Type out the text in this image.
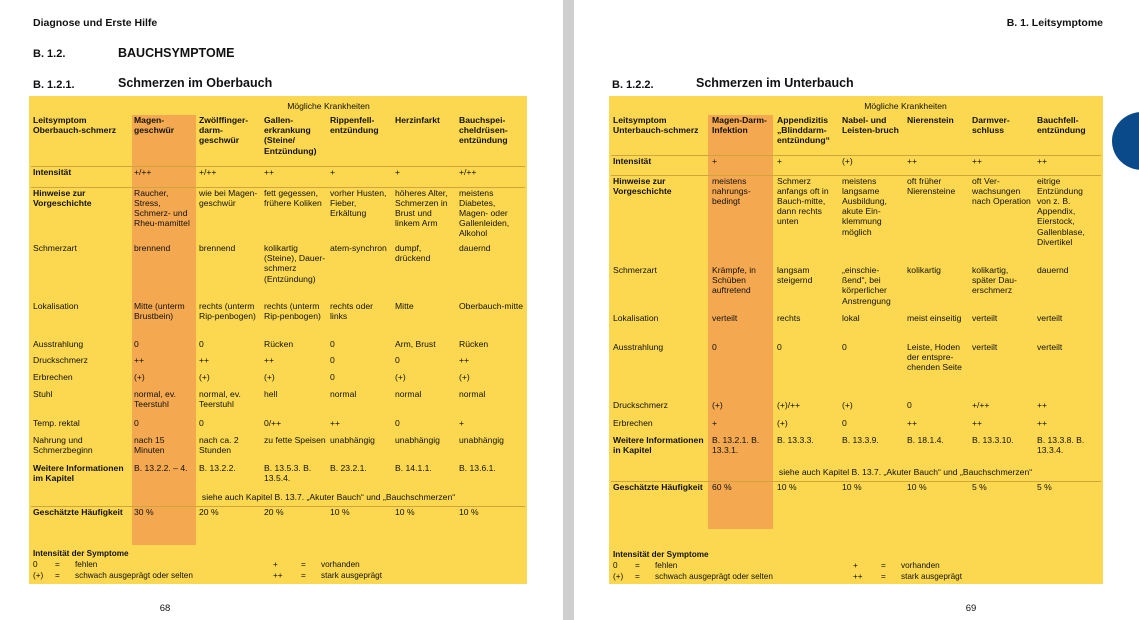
Diagnose und Erste Hilfe
B. 1.2.	BAUCHSYMPTOME
B. 1.2.1.	Schmerzen im Oberbauch
	Mögliche Krankheiten					
Leitsymptom Oberbauch-schmerz	Magen-geschwür	Zwölffinger-darm-geschwür	Gallen-erkrankung (Steine/ Entzündung)	Rippenfell-entzündung	Herzinfarkt	Bauchspei-cheldrüsen-entzündung
Intensität	+/++	+/++	++	+	+	+/++
Hinweise zur Vorgeschichte	Raucher, Stress, Schmerz- und Rheu-mamittel	wie bei Magen-geschwür	fett gegessen, frühere Koliken	vorher Husten, Fieber, Erkältung	höheres Alter, Schmerzen in Brust und linkem Arm	meistens Diabetes, Magen- oder Gallenleiden, Alkohol
Schmerzart	brennend	brennend	kolikartig (Steine), Dauer-schmerz (Entzündung)	atem-synchron	dumpf, drückend	dauernd
Lokalisation	Mitte (unterm Brustbein)	rechts (unterm Rip-penbogen)	rechts (unterm Rip-penbogen)	rechts oder links	Mitte	Oberbauch-mitte
Ausstrahlung	0	0	Rücken	0	Arm, Brust	Rücken
Druckschmerz	++	++	++	0	0	++
Erbrechen	(+)	(+)	(+)	0	(+)	(+)
Stuhl	normal, ev. Teerstuhl	normal, ev. Teerstuhl	hell	normal	normal	normal
Temp. rektal	0	0	0/++	++	0	+
Nahrung und Schmerzbeginn	nach 15 Minuten	nach ca. 2 Stunden	zu fette Speisen	unabhängig	unabhängig	unabhängig
Weitere Informationen im Kapitel	B. 13.2.2. – 4.	B. 13.2.2.	B. 13.5.3. B. 13.5.4.	B. 23.2.1.	B. 14.1.1.	B. 13.6.1.
	siehe auch Kapitel B. 13.7. „Akuter Bauch“ und „Bauchschmerzen“					
Geschätzte Häufigkeit	30 %	20 %	20 %	10 %	10 %	10 %
Intensität der Symptome
0	=	fehlen	+	=	vorhanden
(+)	=	schwach ausgeprägt oder selten	++	=	stark ausgeprägt
68
B. 1. Leitsymptome
B. 1.2.2.	Schmerzen im Unterbauch
	Mögliche Krankheiten					
Leitsymptom Unterbauch-schmerz	Magen-Darm-Infektion	Appendizitis „Blinddarm-entzündung“	Nabel- und Leisten-bruch	Nierenstein	Darmver-schluss	Bauchfell-entzündung
Intensität	+	+	(+)	++	++	++
Hinweise zur Vorgeschichte	meistens nahrungs-bedingt	Schmerz anfangs oft in Bauch-mitte, dann rechts unten	meistens langsame Ausbildung, akute Ein-klemmung möglich	oft früher Nierensteine	oft Ver-wachsungen nach Operation	eitrige Entzündung von z. B. Appendix, Eierstock, Gallenblase, Divertikel
Schmerzart	Krämpfe, in Schüben auftretend	langsam steigernd	„einschie-ßend“, bei körperlicher Anstrengung	kolikartig	kolikartig, später Dau-erschmerz	dauernd
Lokalisation	verteilt	rechts	lokal	meist einseitig	verteilt	verteilt
Ausstrahlung	0	0	0	Leiste, Hoden der entspre-chenden Seite	verteilt	verteilt
Druckschmerz	(+)	(+)/++	(+)	0	+/++	++
Erbrechen	+	(+)	0	++	++	++
Weitere Informationen in Kapitel	B. 13.2.1. B. 13.3.1.	B. 13.3.3.	B. 13.3.9.	B. 18.1.4.	B. 13.3.10.	B. 13.3.8. B. 13.3.4.
	siehe auch Kapitel B. 13.7. „Akuter Bauch“ und „Bauchschmerzen“					
Geschätzte Häufigkeit	60 %	10 %	10 %	10 %	5 %	5 %
Intensität der Symptome
0	=	fehlen	+	=	vorhanden
(+)	=	schwach ausgeprägt oder selten	++	=	stark ausgeprägt
69
